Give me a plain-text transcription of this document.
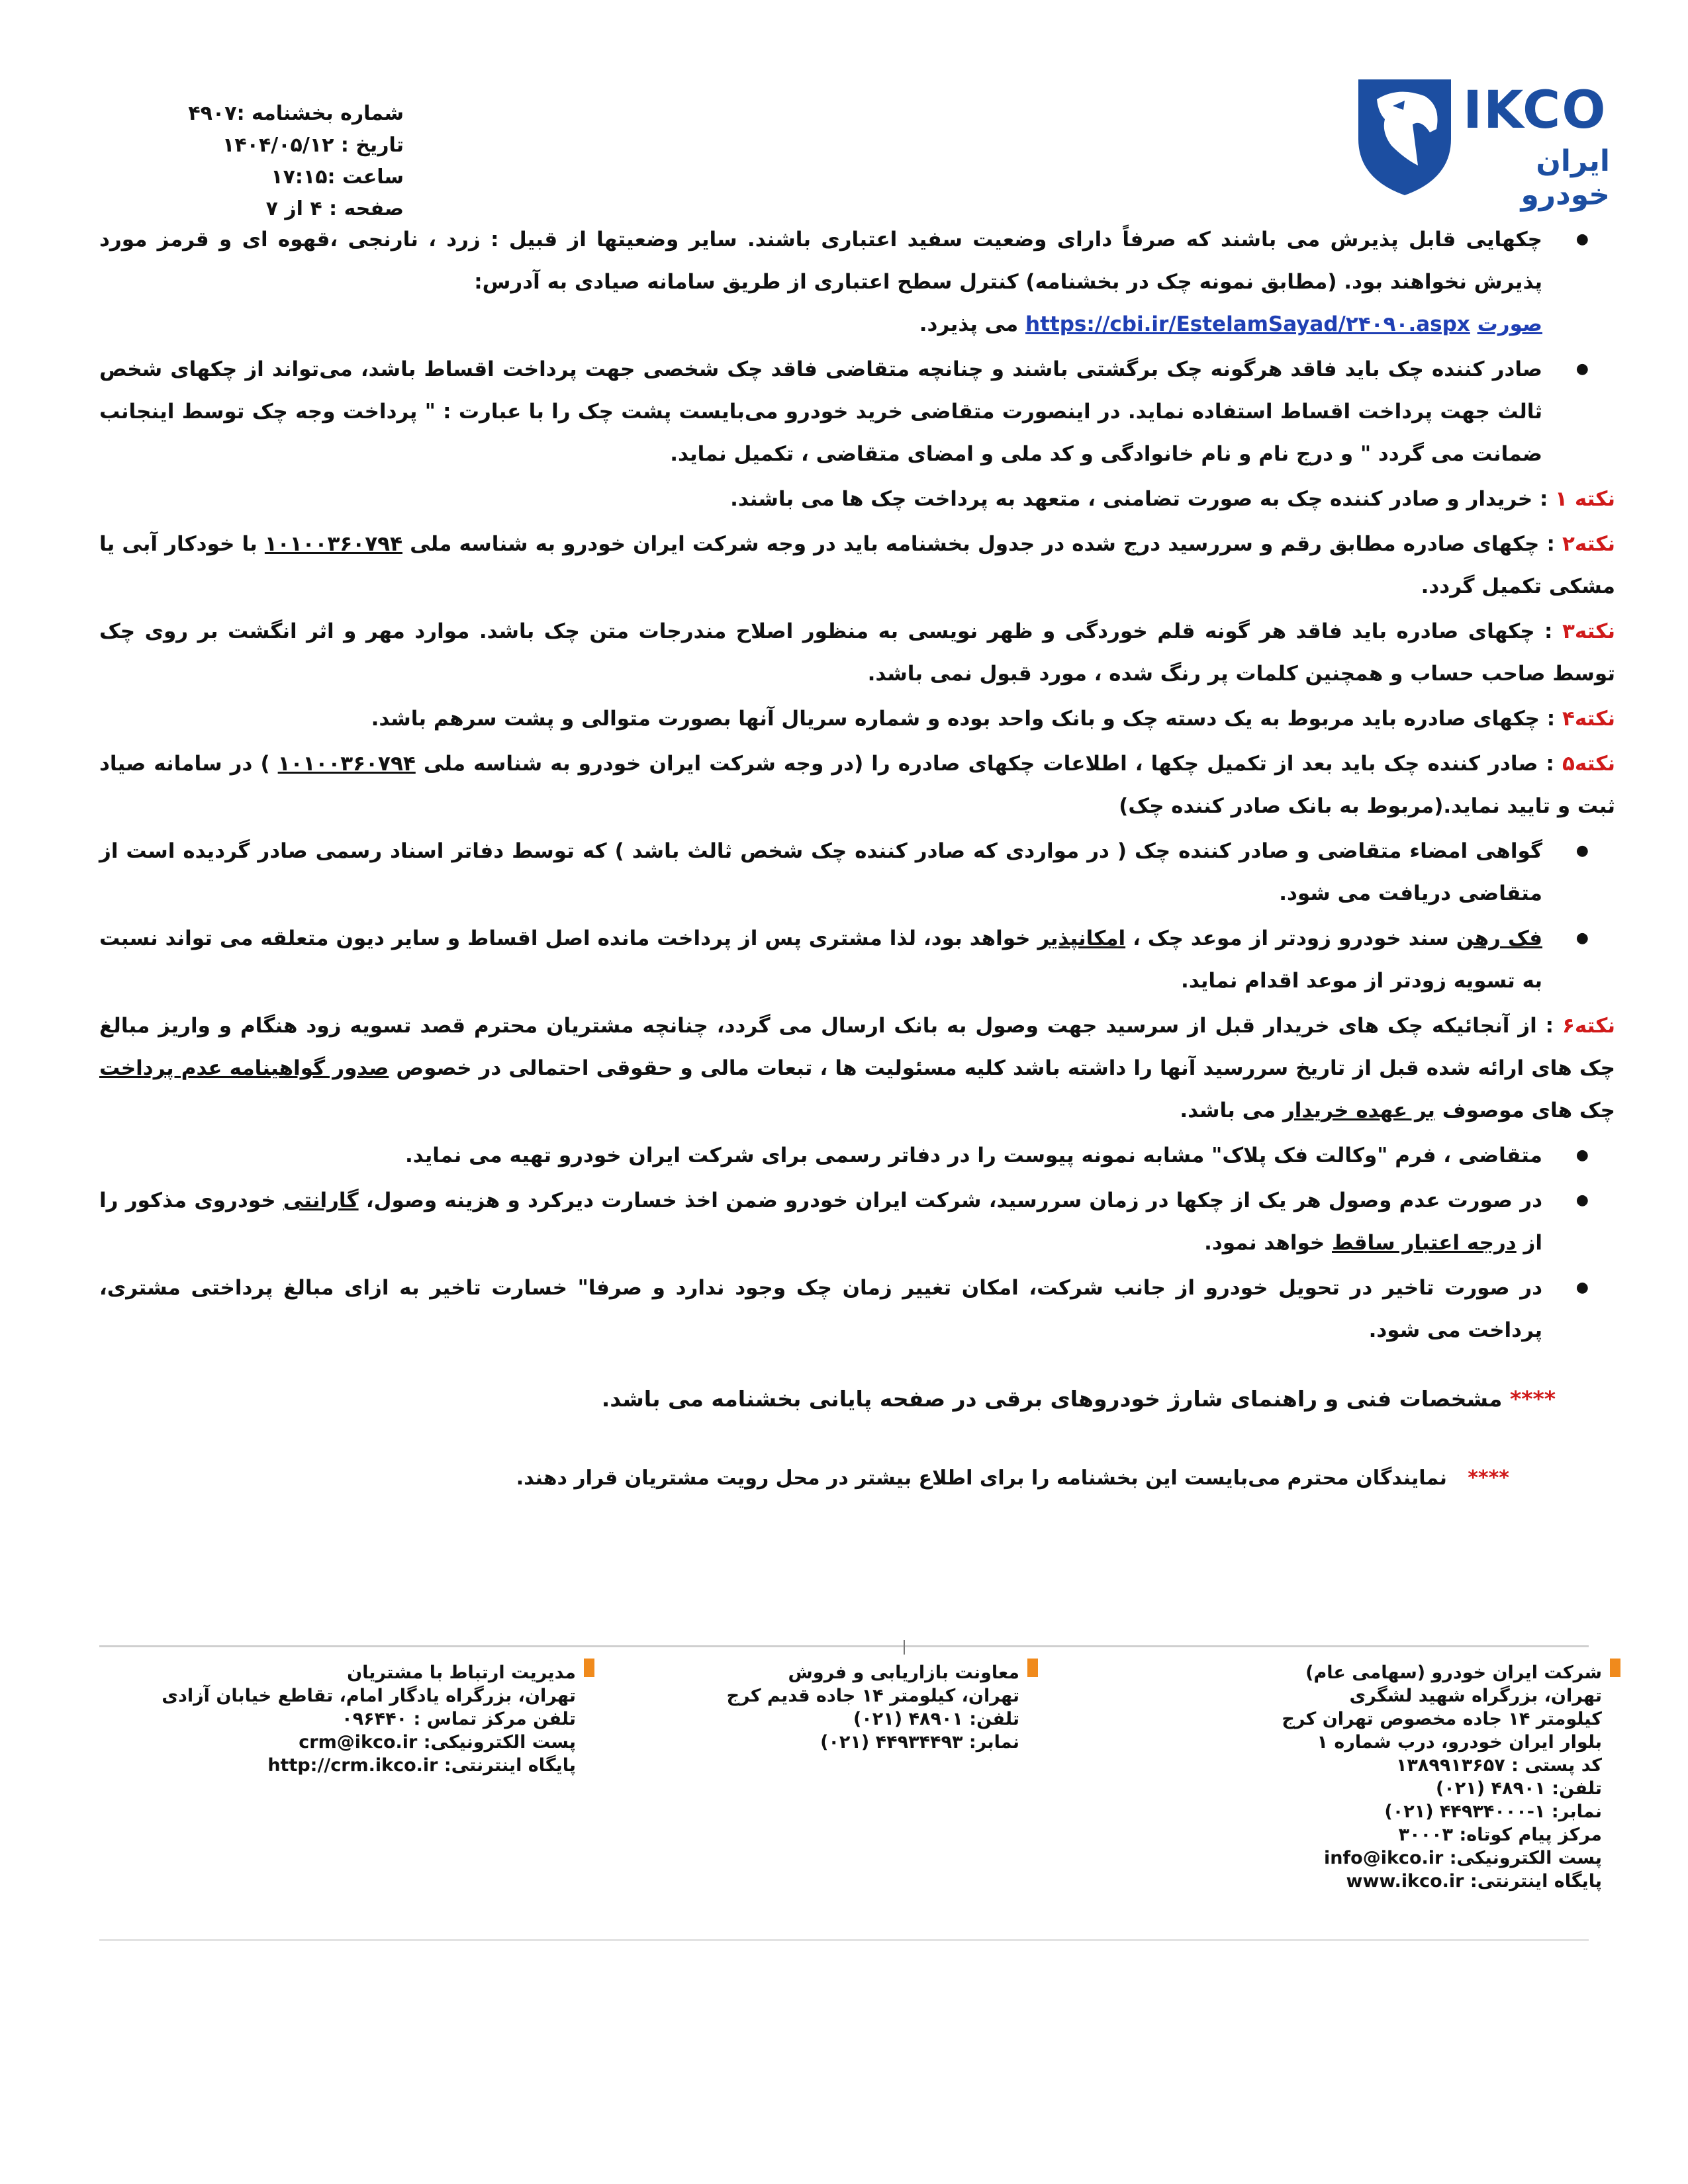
IKCO
ایران خودرو
شماره بخشنامه :۴۹۰۷
تاریخ : ۱۴۰۴/۰۵/۱۲
ساعت :۱۷:۱۵
صفحه : ۴ از ۷
● چکهایی قابل پذیرش می باشند که صرفاً دارای وضعیت سفید اعتباری باشند. سایر وضعیتها از قبیل : زرد ، نارنجی ،قهوه ای و قرمز مورد پذیرش نخواهند بود. (مطابق نمونه چک در بخشنامه) کنترل سطح اعتباری از طریق سامانه صیادی به آدرس:
https://cbi.ir/EstelamSayad/۲۴۰۹۰.aspx صورت می پذیرد.
● صادر کننده چک باید فاقد هرگونه چک برگشتی باشند و چنانچه متقاضی فاقد چک شخصی جهت پرداخت اقساط باشد، می‌تواند از چکهای شخص ثالث جهت پرداخت اقساط استفاده نماید. در اینصورت متقاضی خرید خودرو می‌بایست پشت چک را با عبارت : " پرداخت وجه چک توسط اینجانب ضمانت می گردد " و درج نام و نام خانوادگی و کد ملی و امضای متقاضی ، تکمیل نماید.
نکته ۱ : خریدار و صادر کننده چک به صورت تضامنی ، متعهد به پرداخت چک ها می باشند.
نکته۲ : چکهای صادره مطابق رقم و سررسید درج شده در جدول بخشنامه باید در وجه شرکت ایران خودرو به شناسه ملی ۱۰۱۰۰۳۶۰۷۹۴ با خودکار آبی یا مشکی تکمیل گردد.
نکته۳ : چکهای صادره باید فاقد هر گونه قلم خوردگی و ظهر نویسی به منظور اصلاح مندرجات متن چک باشد. موارد مهر و اثر انگشت بر روی چک توسط صاحب حساب و همچنین کلمات پر رنگ شده ، مورد قبول نمی باشد.
نکته۴ : چکهای صادره باید مربوط به یک دسته چک و بانک واحد بوده و شماره سریال آنها بصورت متوالی و پشت سرهم باشد.
نکته۵ : صادر کننده چک باید بعد از تکمیل چکها ، اطلاعات چکهای صادره را (در وجه شرکت ایران خودرو به شناسه ملی ۱۰۱۰۰۳۶۰۷۹۴ ) در سامانه صیاد ثبت و تایید نماید.(مربوط به بانک صادر کننده چک)
● گواهی امضاء متقاضی و صادر کننده چک ( در مواردی که صادر کننده چک شخص ثالث باشد ) که توسط دفاتر اسناد رسمی صادر گردیده است از متقاضی دریافت می شود.
● فک رهن سند خودرو زودتر از موعد چک ، امکانپذیر خواهد بود، لذا مشتری پس از پرداخت مانده اصل اقساط و سایر دیون متعلقه می تواند نسبت به تسویه زودتر از موعد اقدام نماید.
نکته۶ : از آنجائیکه چک های خریدار قبل از سرسید جهت وصول به بانک ارسال می گردد، چنانچه مشتریان محترم قصد تسویه زود هنگام و واریز مبالغ چک های ارائه شده قبل از تاریخ سررسید آنها را داشته باشد کلیه مسئولیت ها ، تبعات مالی و حقوقی احتمالی در خصوص صدور گواهینامه عدم پرداخت چک های موصوف بر عهده خریدار می باشد.
● متقاضی ، فرم "وکالت فک پلاک" مشابه نمونه پیوست را در دفاتر رسمی برای شرکت ایران خودرو تهیه می نماید.
● در صورت عدم وصول هر یک از چکها در زمان سررسید، شرکت ایران خودرو ضمن اخذ خسارت دیرکرد و هزینه وصول، گارانتی خودروی مذکور را از درجه اعتبار ساقط خواهد نمود.
● در صورت تاخیر در تحویل خودرو از جانب شرکت، امکان تغییر زمان چک وجود ندارد و صرفا" خسارت تاخیر به ازای مبالغ پرداختی مشتری، پرداخت می شود.
**** مشخصات فنی و راهنمای شارژ خودروهای برقی در صفحه پایانی بخشنامه می باشد.
****   نمایندگان محترم می‌بایست این بخشنامه را برای اطلاع بیشتر در محل رویت مشتریان قرار دهند.
شرکت ایران خودرو (سهامی عام)
تهران، بزرگراه شهید لشگری
کیلومتر ۱۴ جاده مخصوص تهران کرج
بلوار ایران خودرو، درب شماره ۱
کد پستی : ۱۳۸۹۹۱۳۶۵۷
تلفن: ۴۸۹۰۱ (۰۲۱)
نمابر: ۱-۴۴۹۳۴۰۰۰ (۰۲۱)
مرکز پیام کوتاه: ۳۰۰۰۳
پست الکترونیکی: info@ikco.ir
پایگاه اینترنتی: www.ikco.ir
معاونت بازاریابی و فروش
تهران، کیلومتر ۱۴ جاده قدیم کرج
تلفن: ۴۸۹۰۱ (۰۲۱)
نمابر: ۴۴۹۳۴۴۹۳ (۰۲۱)
مدیریت ارتباط با مشتریان
تهران، بزرگراه یادگار امام، تقاطع خیابان آزادی
تلفن مرکز تماس : ۰۹۶۴۴۰
پست الکترونیکی: crm@ikco.ir
پایگاه اینترنتی: http://crm.ikco.ir
